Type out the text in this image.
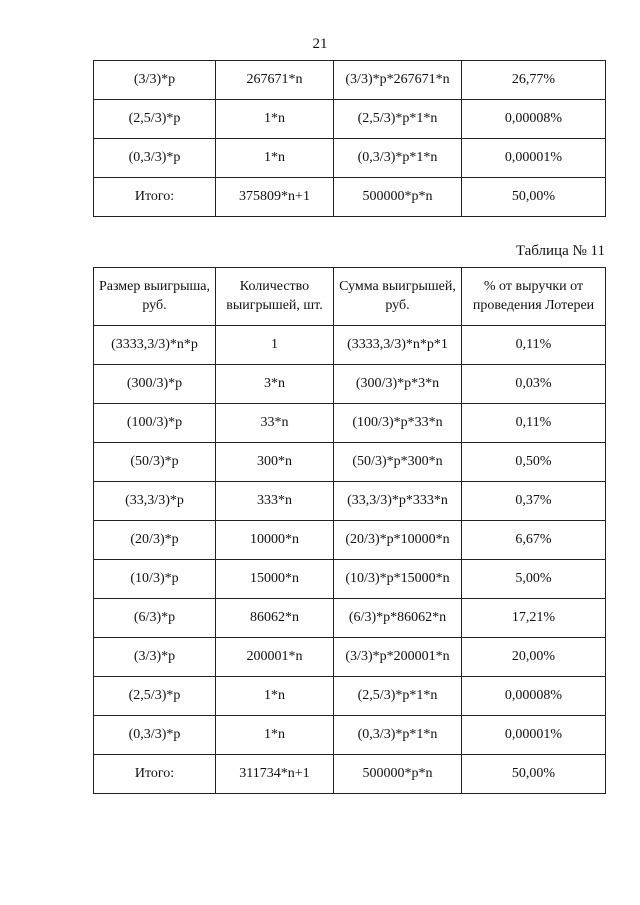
21
(3/3)*p	267671*n	(3/3)*p*267671*n	26,77%
(2,5/3)*p	1*n	(2,5/3)*p*1*n	0,00008%
(0,3/3)*p	1*n	(0,3/3)*p*1*n	0,00001%
Итого:	375809*n+1	500000*p*n	50,00%
Таблица № 11
Размер выигрыша, руб.	Количество выигрышей, шт.	Сумма выигрышей, руб.	% от выручки от проведения Лотереи
(3333,3/3)*n*p	1	(3333,3/3)*n*p*1	0,11%
(300/3)*p	3*n	(300/3)*p*3*n	0,03%
(100/3)*p	33*n	(100/3)*p*33*n	0,11%
(50/3)*p	300*n	(50/3)*p*300*n	0,50%
(33,3/3)*p	333*n	(33,3/3)*p*333*n	0,37%
(20/3)*p	10000*n	(20/3)*p*10000*n	6,67%
(10/3)*p	15000*n	(10/3)*p*15000*n	5,00%
(6/3)*p	86062*n	(6/3)*p*86062*n	17,21%
(3/3)*p	200001*n	(3/3)*p*200001*n	20,00%
(2,5/3)*p	1*n	(2,5/3)*p*1*n	0,00008%
(0,3/3)*p	1*n	(0,3/3)*p*1*n	0,00001%
Итого:	311734*n+1	500000*p*n	50,00%
